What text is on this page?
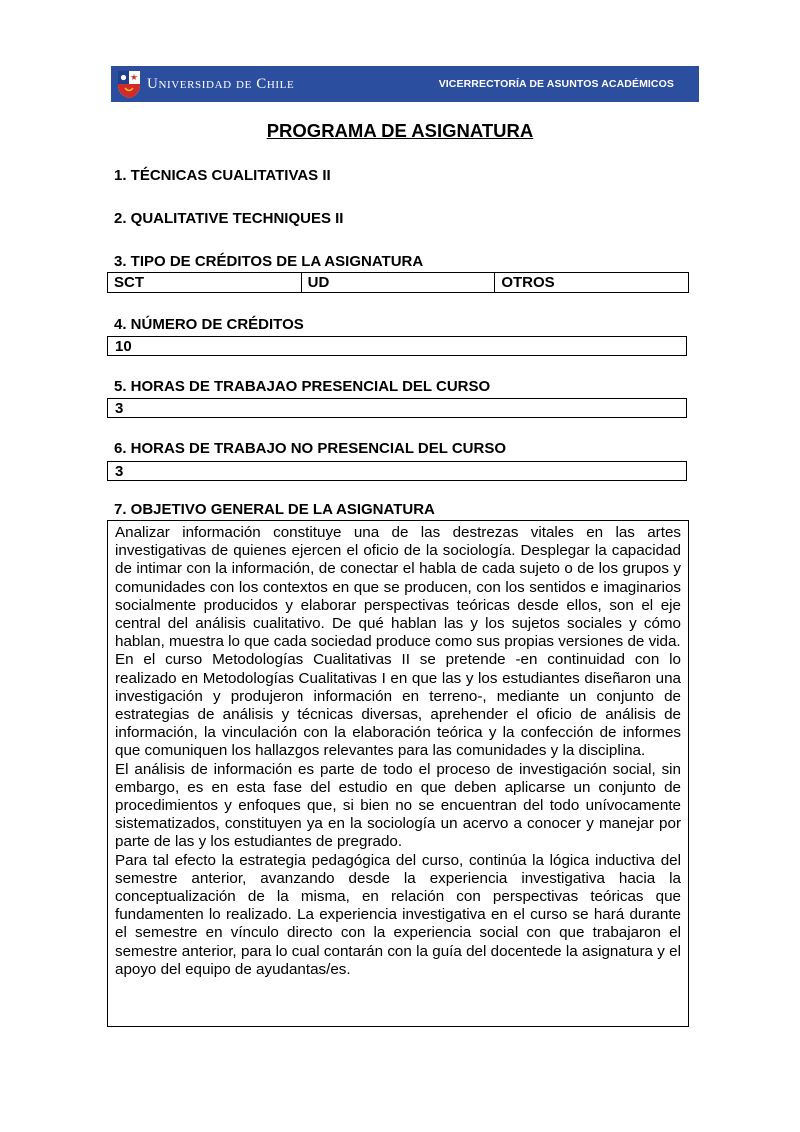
UNIVERSIDAD DE CHILE	VICERRECTORÍA DE ASUNTOS ACADÉMICOS
PROGRAMA DE ASIGNATURA
1. TÉCNICAS CUALITATIVAS II
2. QUALITATIVE TECHNIQUES II
3. TIPO DE CRÉDITOS DE LA ASIGNATURA
SCT	UD	OTROS
4. NÚMERO DE CRÉDITOS
10
5. HORAS DE TRABAJAO PRESENCIAL DEL CURSO
3
6. HORAS DE TRABAJO NO PRESENCIAL DEL CURSO
3
7. OBJETIVO GENERAL DE LA ASIGNATURA

Analizar información constituye una de las destrezas vitales en las artes investigativas de quienes ejercen el oficio de la sociología. Desplegar la capacidad de intimar con la información, de conectar el habla de cada sujeto o de los grupos y comunidades con los contextos en que se producen, con los sentidos e imaginarios socialmente producidos y elaborar perspectivas teóricas desde ellos, son el eje central del análisis cualitativo. De qué hablan las y los sujetos sociales y cómo hablan, muestra lo que cada sociedad produce como sus propias versiones de vida.

En el curso Metodologías Cualitativas II se pretende -en continuidad con lo realizado en Metodologías Cualitativas I en que las y los estudiantes diseñaron una investigación y produjeron información en terreno-, mediante un conjunto de estrategias de análisis y técnicas diversas, aprehender el oficio de análisis de información, la vinculación con la elaboración teórica y la confección de informes que comuniquen los hallazgos relevantes para las comunidades y la disciplina.

El análisis de información es parte de todo el proceso de investigación social, sin embargo, es en esta fase del estudio en que deben aplicarse un conjunto de procedimientos y enfoques que, si bien no se encuentran del todo unívocamente sistematizados, constituyen ya en la sociología un acervo a conocer y manejar por parte de las y los estudiantes de pregrado.

Para tal efecto la estrategia pedagógica del curso, continúa la lógica inductiva del semestre anterior, avanzando desde la experiencia investigativa hacia la conceptualización de la misma, en relación con perspectivas teóricas que fundamenten lo realizado. La experiencia investigativa en el curso se hará durante el semestre en vínculo directo con la experiencia social con que trabajaron el semestre anterior, para lo cual contarán con la guía del docentede la asignatura y el apoyo del equipo de ayudantas/es.
